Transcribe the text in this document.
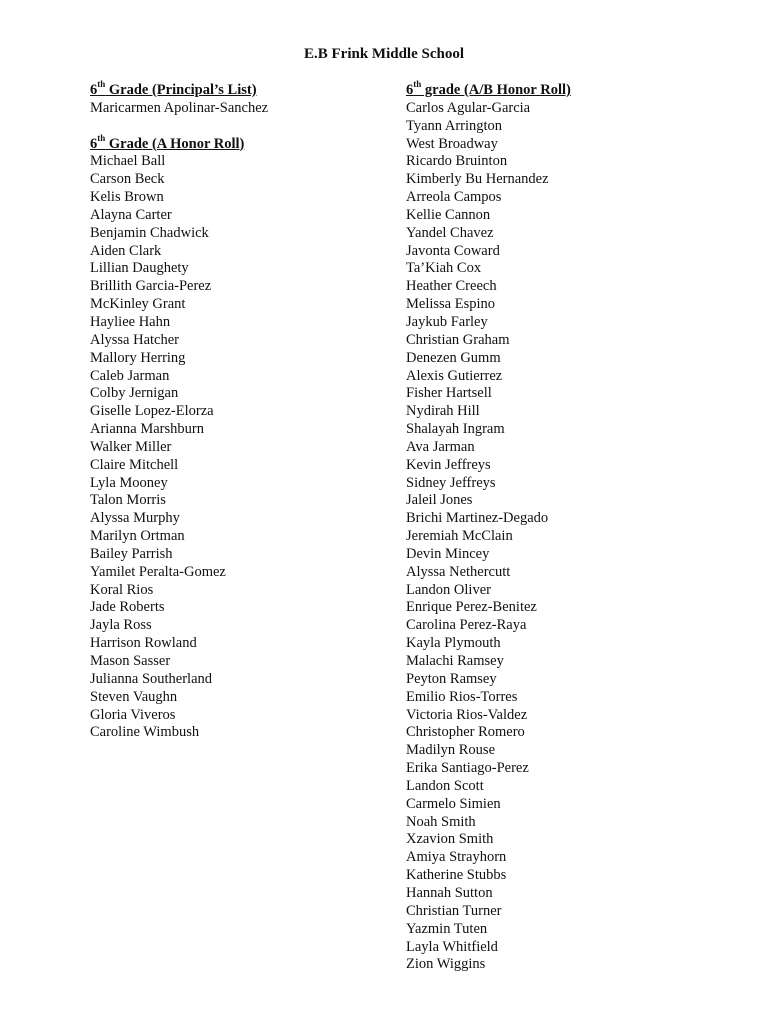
E.B Frink Middle School
6th Grade (Principal’s List)
Maricarmen Apolinar-Sanchez
6th Grade (A Honor Roll)
Michael Ball
Carson Beck
Kelis Brown
Alayna Carter
Benjamin Chadwick
Aiden Clark
Lillian Daughety
Brillith Garcia-Perez
McKinley Grant
Hayliee Hahn
Alyssa Hatcher
Mallory Herring
Caleb Jarman
Colby Jernigan
Giselle Lopez-Elorza
Arianna Marshburn
Walker Miller
Claire Mitchell
Lyla Mooney
Talon Morris
Alyssa Murphy
Marilyn Ortman
Bailey Parrish
Yamilet Peralta-Gomez
Koral Rios
Jade Roberts
Jayla Ross
Harrison Rowland
Mason Sasser
Julianna Southerland
Steven Vaughn
Gloria Viveros
Caroline Wimbush
6th grade (A/B Honor Roll)
Carlos Agular-Garcia
Tyann Arrington
West Broadway
Ricardo Bruinton
Kimberly Bu Hernandez
Arreola Campos
Kellie Cannon
Yandel Chavez
Javonta Coward
Ta’Kiah Cox
Heather Creech
Melissa Espino
Jaykub Farley
Christian Graham
Denezen Gumm
Alexis Gutierrez
Fisher Hartsell
Nydirah Hill
Shalayah Ingram
Ava Jarman
Kevin Jeffreys
Sidney Jeffreys
Jaleil Jones
Brichi Martinez-Degado
Jeremiah McClain
Devin Mincey
Alyssa Nethercutt
Landon Oliver
Enrique Perez-Benitez
Carolina Perez-Raya
Kayla Plymouth
Malachi Ramsey
Peyton Ramsey
Emilio Rios-Torres
Victoria Rios-Valdez
Christopher Romero
Madilyn Rouse
Erika Santiago-Perez
Landon Scott
Carmelo Simien
Noah Smith
Xzavion Smith
Amiya Strayhorn
Katherine Stubbs
Hannah Sutton
Christian Turner
Yazmin Tuten
Layla Whitfield
Zion Wiggins
